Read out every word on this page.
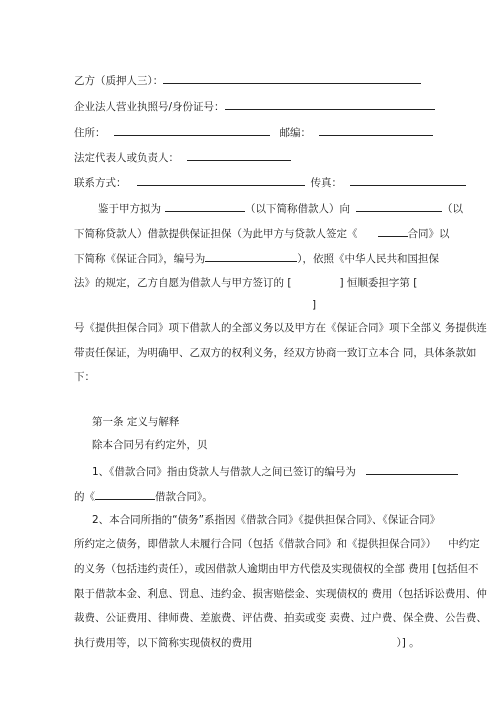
乙方（质押人三）：
企业法人营业执照号/身份证号：
住所：	邮编：
法定代表人或负责人：
联系方式：	传真：
鉴于甲方拟为	（以下简称借款人）向	（以
下简称贷款人）借款提供保证担保（为此甲方与贷款人签定《	合同》以
下简称《保证合同》，编号为	），依照《中华人民共和国担保
法》的规定，乙方自愿为借款人与甲方签订的 [	] 恒顺委担字第 [
]
号《提供担保合同》项下借款人的全部义务以及甲方在《保证合同》项下全部义 务提供连
带责任保证，为明确甲、乙双方的权利义务，经双方协商一致订立本合 同，具体条款如
下：
第一条 定义与解释
除本合同另有约定外，贝
1、《借款合同》指由贷款人与借款人之间已签订的编号为
的《	借款合同》。
2、本合同所指的“债务”系指因《借款合同》《提供担保合同》、《保证合同》
所约定之债务，即借款人未履行合同（包括《借款合同》和《提供担保合同》） 中约定
的义务（包括违约责任），或因借款人逾期由甲方代偿及实现债权的全部 费用 [包括但不
限于借款本金、利息、罚息、违约金、损害赔偿金、实现债权的 费用（包括诉讼费用、仲
裁费、公证费用、律师费、差旅费、评估费、拍卖或变 卖费、过户费、保全费、公告费、
执行费用等，以下简称实现债权的费用	）] 。
